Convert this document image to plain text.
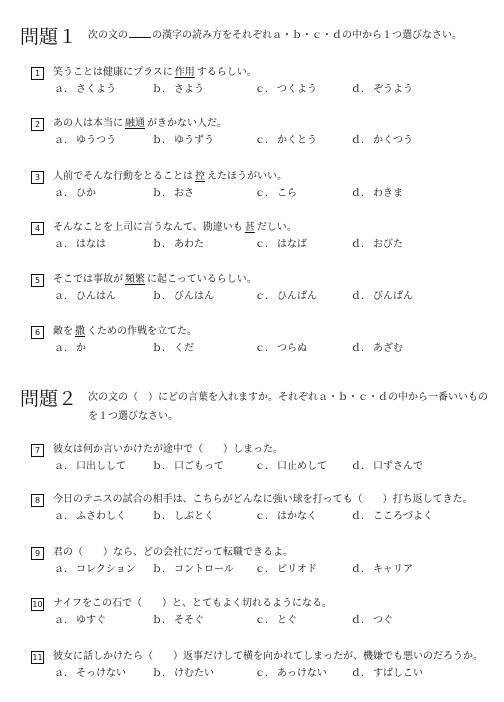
問題１ 次の文の の漢字の読み方をそれぞれａ・ｂ・ｃ・ｄの中から１つ選びなさい。
1	笑うことは健康にプラスに 作用 するらしい。
ａ． さくよう	ｂ． さよう	ｃ． つくよう	ｄ． ぞうよう
2	あの人は本当に 融通 がきかない人だ。
ａ． ゆうつう	ｂ． ゆうずう	ｃ． かくとう	ｄ． かくつう
3	人前でそんな行動をとることは 控 えたほうがいい。
ａ． ひか	ｂ． おさ	ｃ． こら	ｄ． わきま
4	そんなことを上司に言うなんて、勘違いも 甚 だしい。
ａ． はなは	ｂ． あわた	ｃ． はなば	ｄ． おびた
5	そこでは事故が 頻繁 に起こっているらしい。
ａ． ひんはん	ｂ． びんはん	ｃ． ひんぱん	ｄ． びんぱん
6	敵を 撒 くための作戦を立てた。
ａ． か	ｂ． くだ	ｃ． つらぬ	ｄ． あざむ
問題２ 次の文の（　）にどの言葉を入れますか。それぞれａ・ｂ・ｃ・ｄの中から一番いいものを１つ選びなさい。
7	彼女は何か言いかけたが途中で（　　）しまった。
ａ． 口出しして	ｂ． 口ごもって	ｃ． 口止めして ｄ． 口ずさんで
8	今日のテニスの試合の相手は、こちらがどんなに強い球を打っても（　　）打ち返してきた。
ａ． ふさわしく	ｂ． しぶとく	ｃ． はかなく	ｄ． こころづよく
9	君の（　　）なら、どの会社にだって転職できるよ。
ａ． コレクション ｂ． コントロール ｃ． ピリオド	ｄ． キャリア
10 ナイフをこの石で（　　）と、とてもよく切れるようになる。
ａ． ゆすぐ	ｂ． そそぐ	ｃ． とぐ	ｄ． つぐ
11 彼女に話しかけたら（　　）返事だけして横を向かれてしまったが、機嫌でも悪いのだろうか。
ａ． そっけない	ｂ． けむたい	ｃ． あっけない ｄ． すばしこい
